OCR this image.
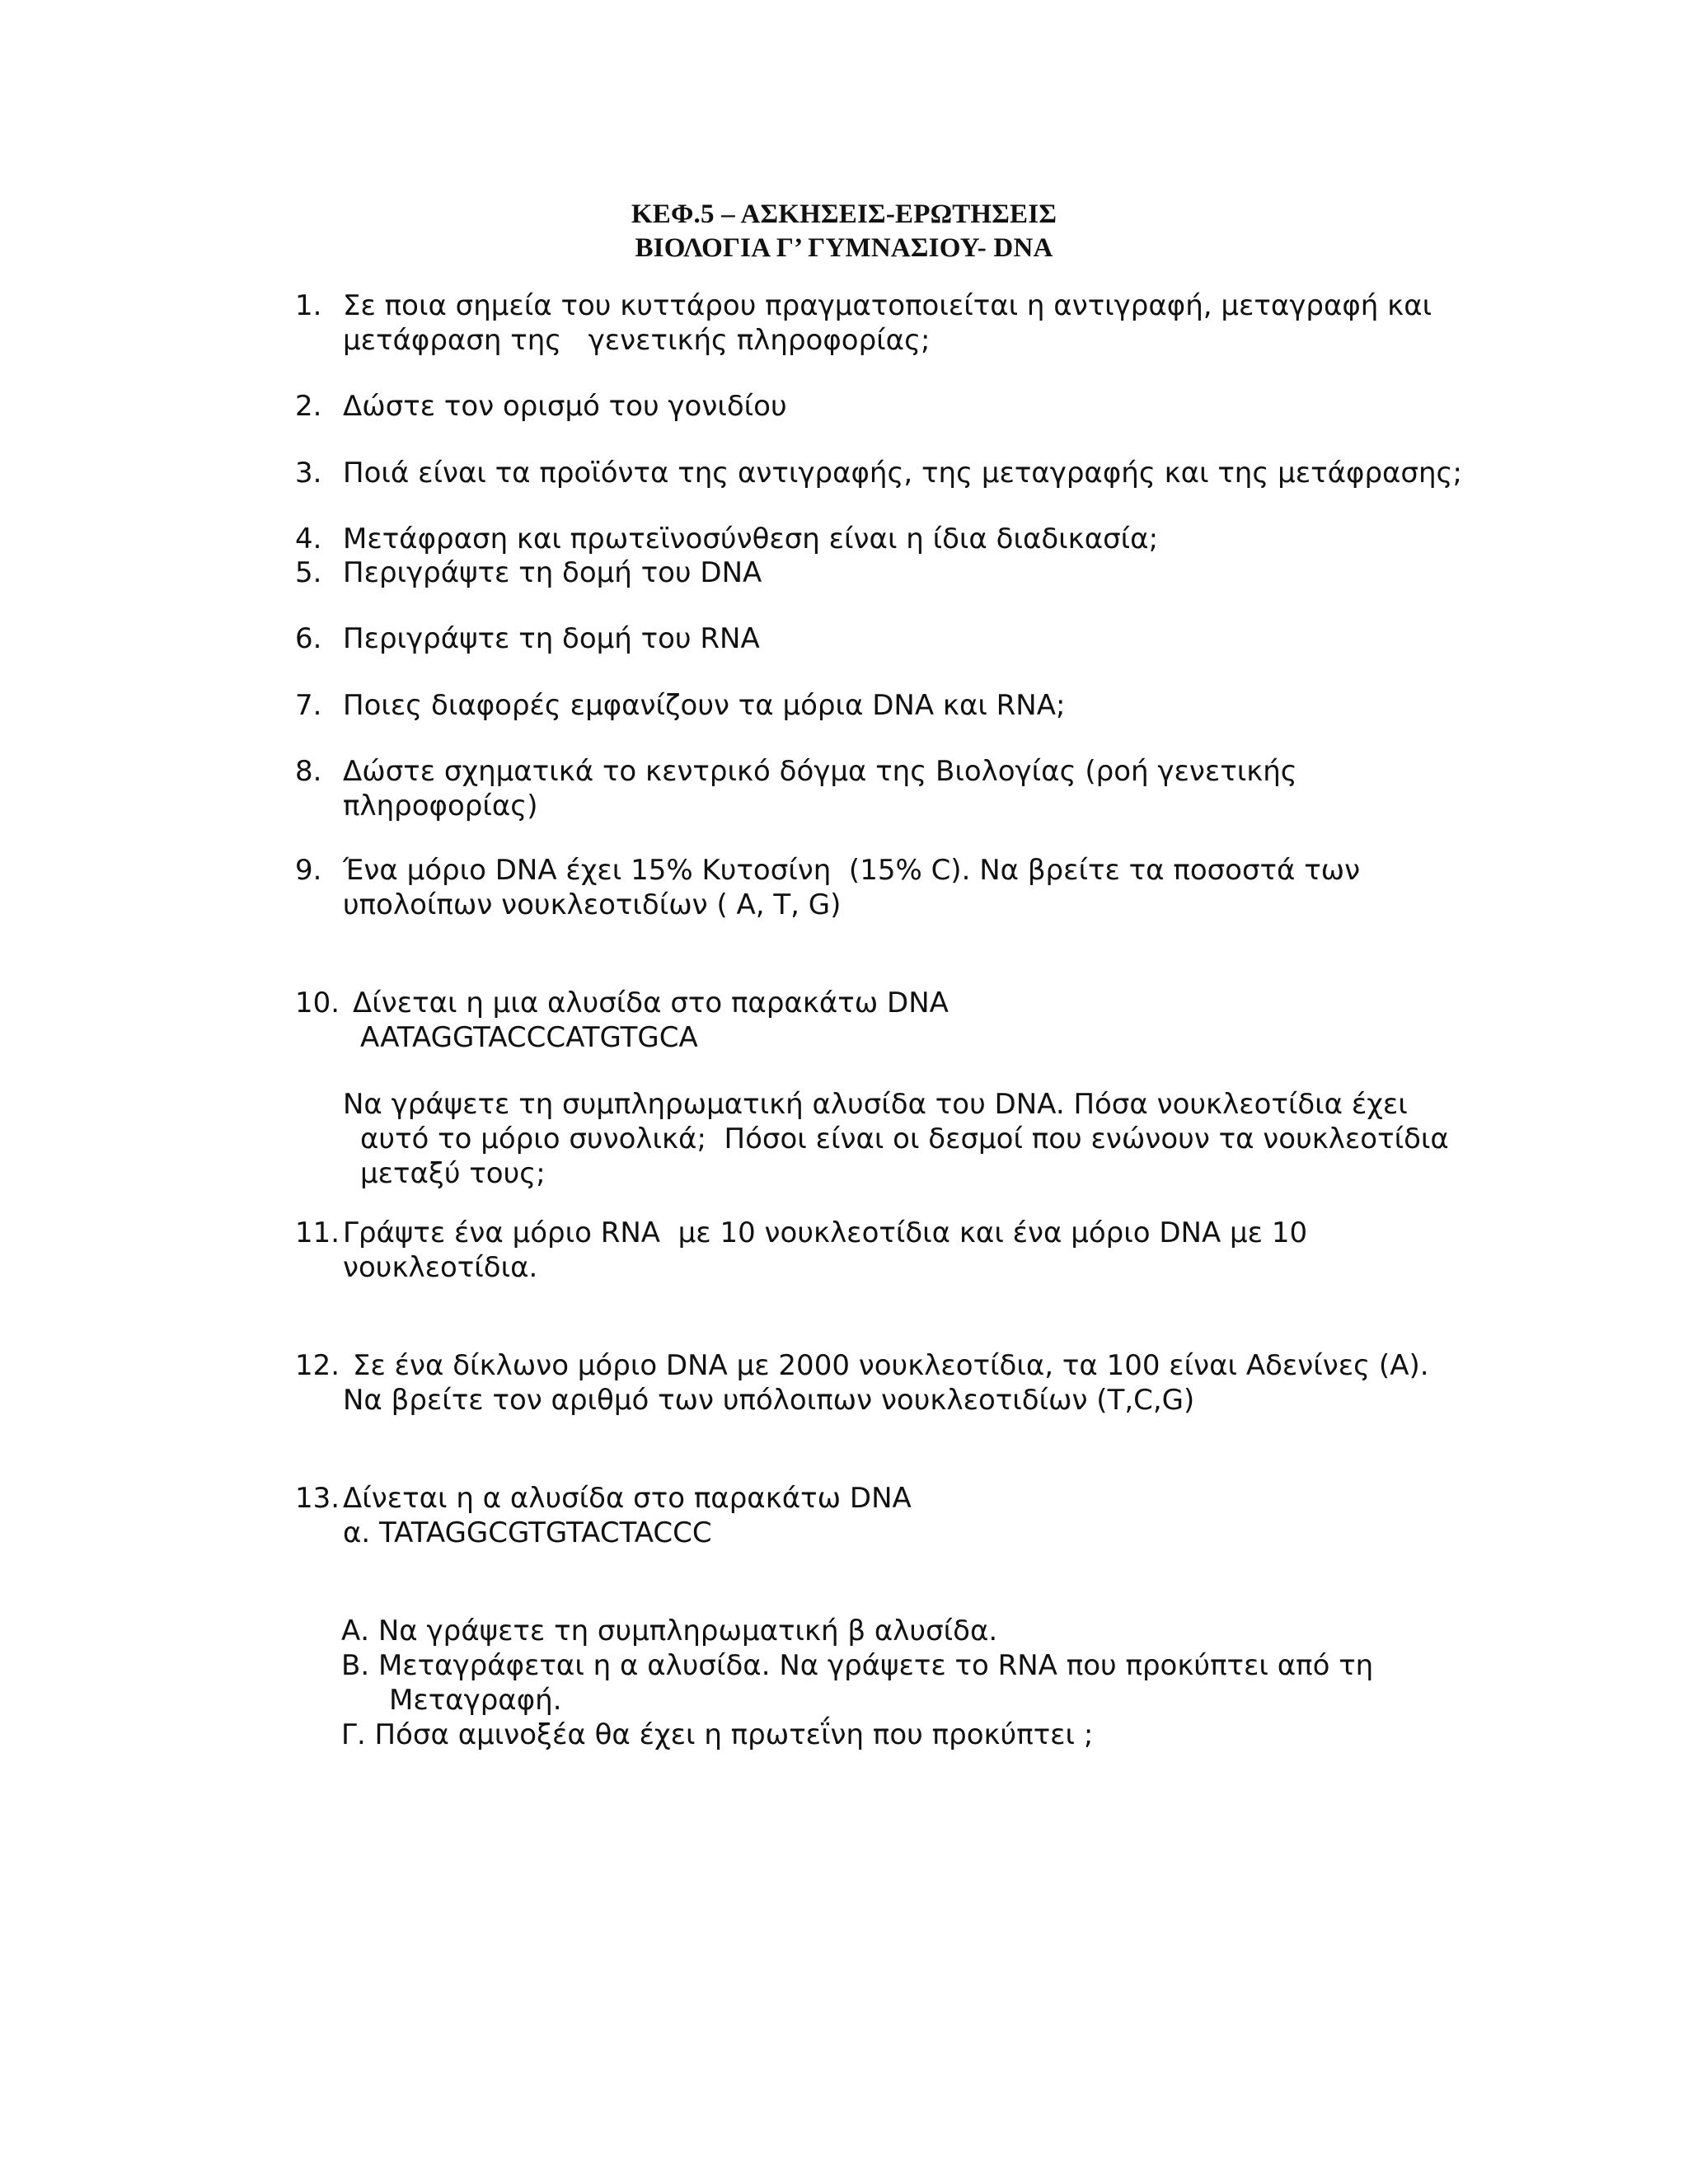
ΚΕΦ.5 – ΑΣΚΗΣΕΙΣ-ΕΡΩΤΗΣΕΙΣ
ΒΙΟΛΟΓΙΑ Γ’ ΓΥΜΝΑΣΙΟΥ- DNA
1. Σε ποια σημεία του κυττάρου πραγματοποιείται η αντιγραφή, μεταγραφή και
μετάφραση της   γενετικής πληροφορίας;
2. Δώστε τον ορισμό του γονιδίου
3. Ποιά είναι τα προϊόντα της αντιγραφής, της μεταγραφής και της μετάφρασης;
4. Μετάφραση και πρωτεϊνοσύνθεση είναι η ίδια διαδικασία;
5. Περιγράψτε τη δομή του DNA
6. Περιγράψτε τη δομή του RNA
7. Ποιες διαφορές εμφανίζουν τα μόρια DNA και RNA;
8. Δώστε σχηματικά το κεντρικό δόγμα της Βιολογίας (ροή γενετικής
πληροφορίας)
9. Ένα μόριο DNA έχει 15% Κυτοσίνη  (15% C). Να βρείτε τα ποσοστά των
υπολοίπων νουκλεοτιδίων ( A, T, G)
10. Δίνεται η μια αλυσίδα στο παρακάτω DNA
AATAGGTACCCATGTGCA
Να γράψετε τη συμπληρωματική αλυσίδα του DNA. Πόσα νουκλεοτίδια έχει
αυτό το μόριο συνολικά;  Πόσοι είναι οι δεσμοί που ενώνουν τα νουκλεοτίδια
μεταξύ τους;
11. Γράψτε ένα μόριο RNA  με 10 νουκλεοτίδια και ένα μόριο DNA με 10
νουκλεοτίδια.
12. Σε ένα δίκλωνο μόριο DNA με 2000 νουκλεοτίδια, τα 100 είναι Αδενίνες (Α).
Να βρείτε τον αριθμό των υπόλοιπων νουκλεοτιδίων (T,C,G)
13. Δίνεται η α αλυσίδα στο παρακάτω DNA
α. TATAGGCGTGTACTACCC
Α. Να γράψετε τη συμπληρωματική β αλυσίδα.
Β. Μεταγράφεται η α αλυσίδα. Να γράψετε το RNA που προκύπτει από τη
Μεταγραφή.
Γ. Πόσα αμινοξέα θα έχει η πρωτεΐνη που προκύπτει ;
